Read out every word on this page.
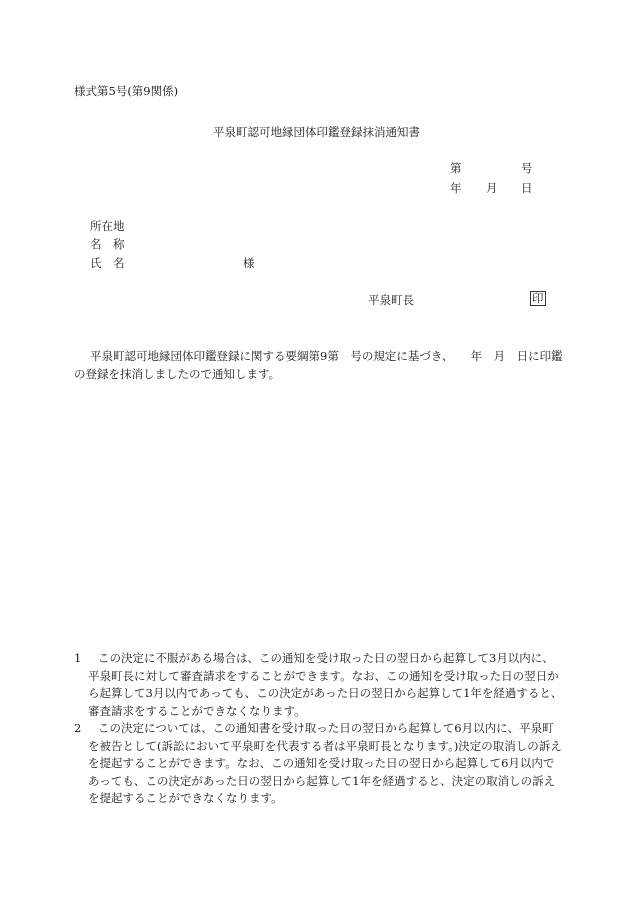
様式第5号(第9関係)
平泉町認可地縁団体印鑑登録抹消通知書
第	号
年 月 日
所在地
名　称
氏　名	様
平泉町長	印
平泉町認可地縁団体印鑑登録に関する要綱第9第　号の規定に基づき、　　年　月　日に印鑑の登録を抹消しましたので通知します。
1 この決定に不服がある場合は、この通知を受け取った日の翌日から起算して3月以内に、平泉町長に対して審査請求をすることができます。なお、この通知を受け取った日の翌日から起算して3月以内であっても、この決定があった日の翌日から起算して1年を経過すると、審査請求をすることができなくなります。
2 この決定については、この通知書を受け取った日の翌日から起算して6月以内に、平泉町を被告として(訴訟において平泉町を代表する者は平泉町長となります。)決定の取消しの訴えを提起することができます。なお、この通知を受け取った日の翌日から起算して6月以内であっても、この決定があった日の翌日から起算して1年を経過すると、決定の取消しの訴えを提起することができなくなります。
